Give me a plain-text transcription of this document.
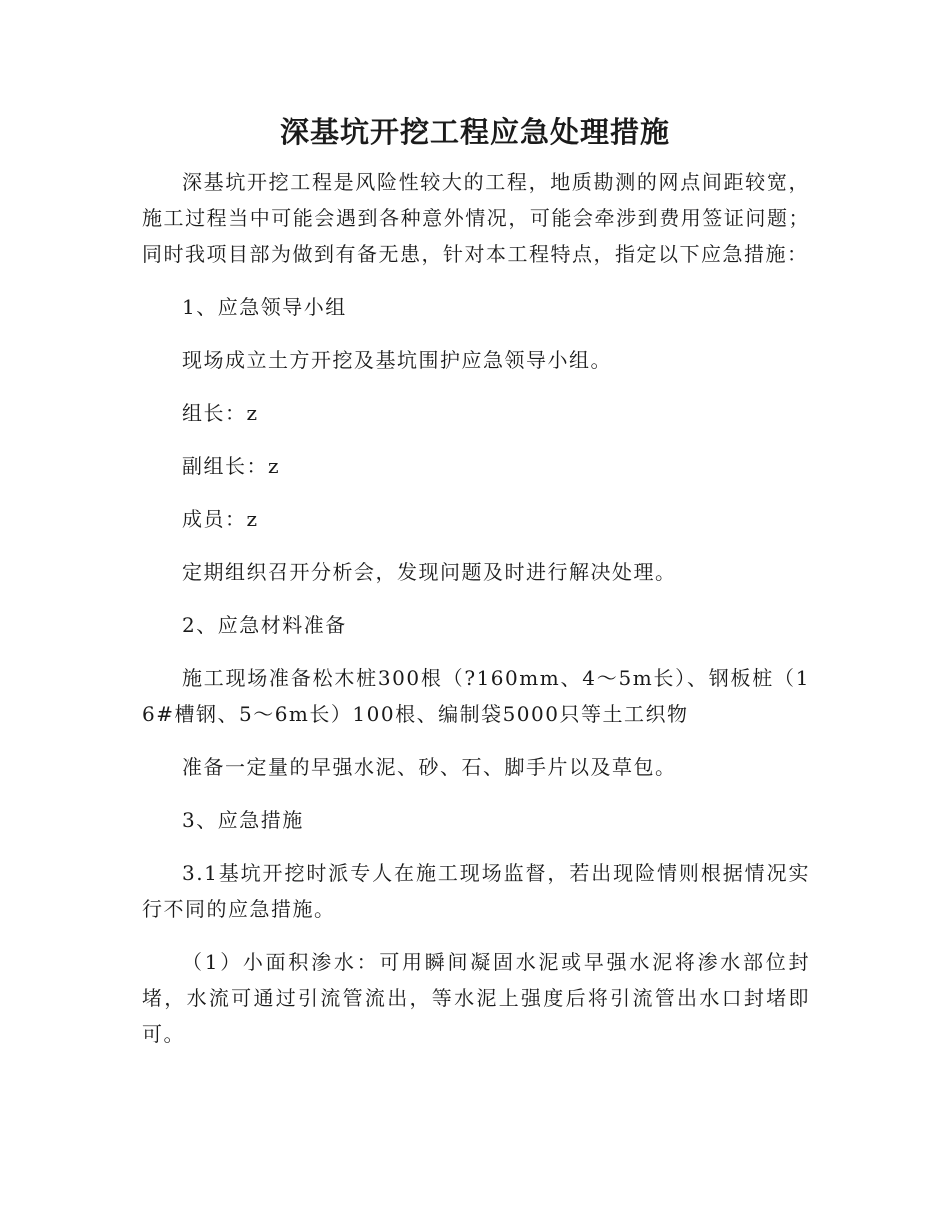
深基坑开挖工程应急处理措施

深基坑开挖工程是风险性较大的工程，地质勘测的网点间距较宽，施工过程当中可能会遇到各种意外情况，可能会牵涉到费用签证问题；同时我项目部为做到有备无患，针对本工程特点，指定以下应急措施：

1、应急领导小组

现场成立土方开挖及基坑围护应急领导小组。

组长：z

副组长：z

成员：z

定期组织召开分析会，发现问题及时进行解决处理。

2、应急材料准备

施工现场准备松木桩300根（?160mm、4～5m长）、钢板桩（16#槽钢、5～6m长）100根、编制袋5000只等土工织物

准备一定量的早强水泥、砂、石、脚手片以及草包。

3、应急措施

3.1基坑开挖时派专人在施工现场监督，若出现险情则根据情况实行不同的应急措施。

（1）小面积渗水：可用瞬间凝固水泥或早强水泥将渗水部位封堵，水流可通过引流管流出，等水泥上强度后将引流管出水口封堵即可。
